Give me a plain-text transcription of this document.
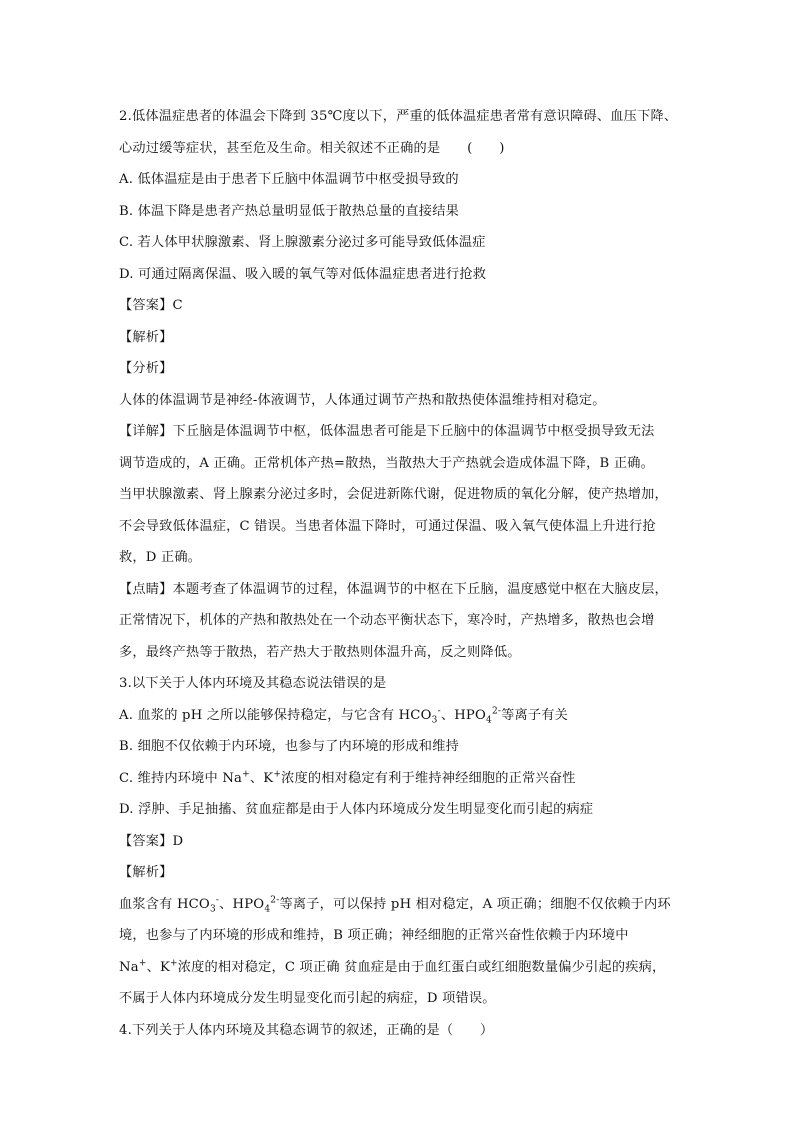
2.低体温症患者的体温会下降到 35℃度以下，严重的低体温症患者常有意识障碍、血压下降、
心动过缓等症状，甚至危及生命。相关叙述不正确的是　　(　　)
A. 低体温症是由于患者下丘脑中体温调节中枢受损导致的
B. 体温下降是患者产热总量明显低于散热总量的直接结果
C. 若人体甲状腺激素、肾上腺激素分泌过多可能导致低体温症
D. 可通过隔离保温、吸入暖的氧气等对低体温症患者进行抢救
【答案】C
【解析】
【分析】
人体的体温调节是神经-体液调节，人体通过调节产热和散热使体温维持相对稳定。
【详解】下丘脑是体温调节中枢，低体温患者可能是下丘脑中的体温调节中枢受损导致无法
调节造成的，A 正确。正常机体产热=散热，当散热大于产热就会造成体温下降，B 正确。
当甲状腺激素、肾上腺素分泌过多时，会促进新陈代谢，促进物质的氧化分解，使产热增加，
不会导致低体温症，C 错误。当患者体温下降时，可通过保温、吸入氧气使体温上升进行抢
救，D 正确。
【点睛】本题考查了体温调节的过程，体温调节的中枢在下丘脑，温度感觉中枢在大脑皮层，
正常情况下，机体的产热和散热处在一个动态平衡状态下，寒冷时，产热增多，散热也会增
多，最终产热等于散热，若产热大于散热则体温升高，反之则降低。
3.以下关于人体内环境及其稳态说法错误的是
A. 血浆的 pH 之所以能够保持稳定，与它含有 $HCO_3^-$、$HPO_4^{2-}$等离子有关
B. 细胞不仅依赖于内环境，也参与了内环境的形成和维持
C. 维持内环境中 Na+、K+浓度的相对稳定有利于维持神经细胞的正常兴奋性
D. 浮肿、手足抽搐、贫血症都是由于人体内环境成分发生明显变化而引起的病症
【答案】D
【解析】
血浆含有 $HCO_3^-$、$HPO_4^{2-}$等离子，可以保持 pH 相对稳定，A 项正确；细胞不仅依赖于内环
境，也参与了内环境的形成和维持，B 项正确；神经细胞的正常兴奋性依赖于内环境中
Na+、K+浓度的相对稳定，C 项正确 贫血症是由于血红蛋白或红细胞数量偏少引起的疾病，
不属于人体内环境成分发生明显变化而引起的病症，D 项错误。
4.下列关于人体内环境及其稳态调节的叙述，正确的是（　　）
